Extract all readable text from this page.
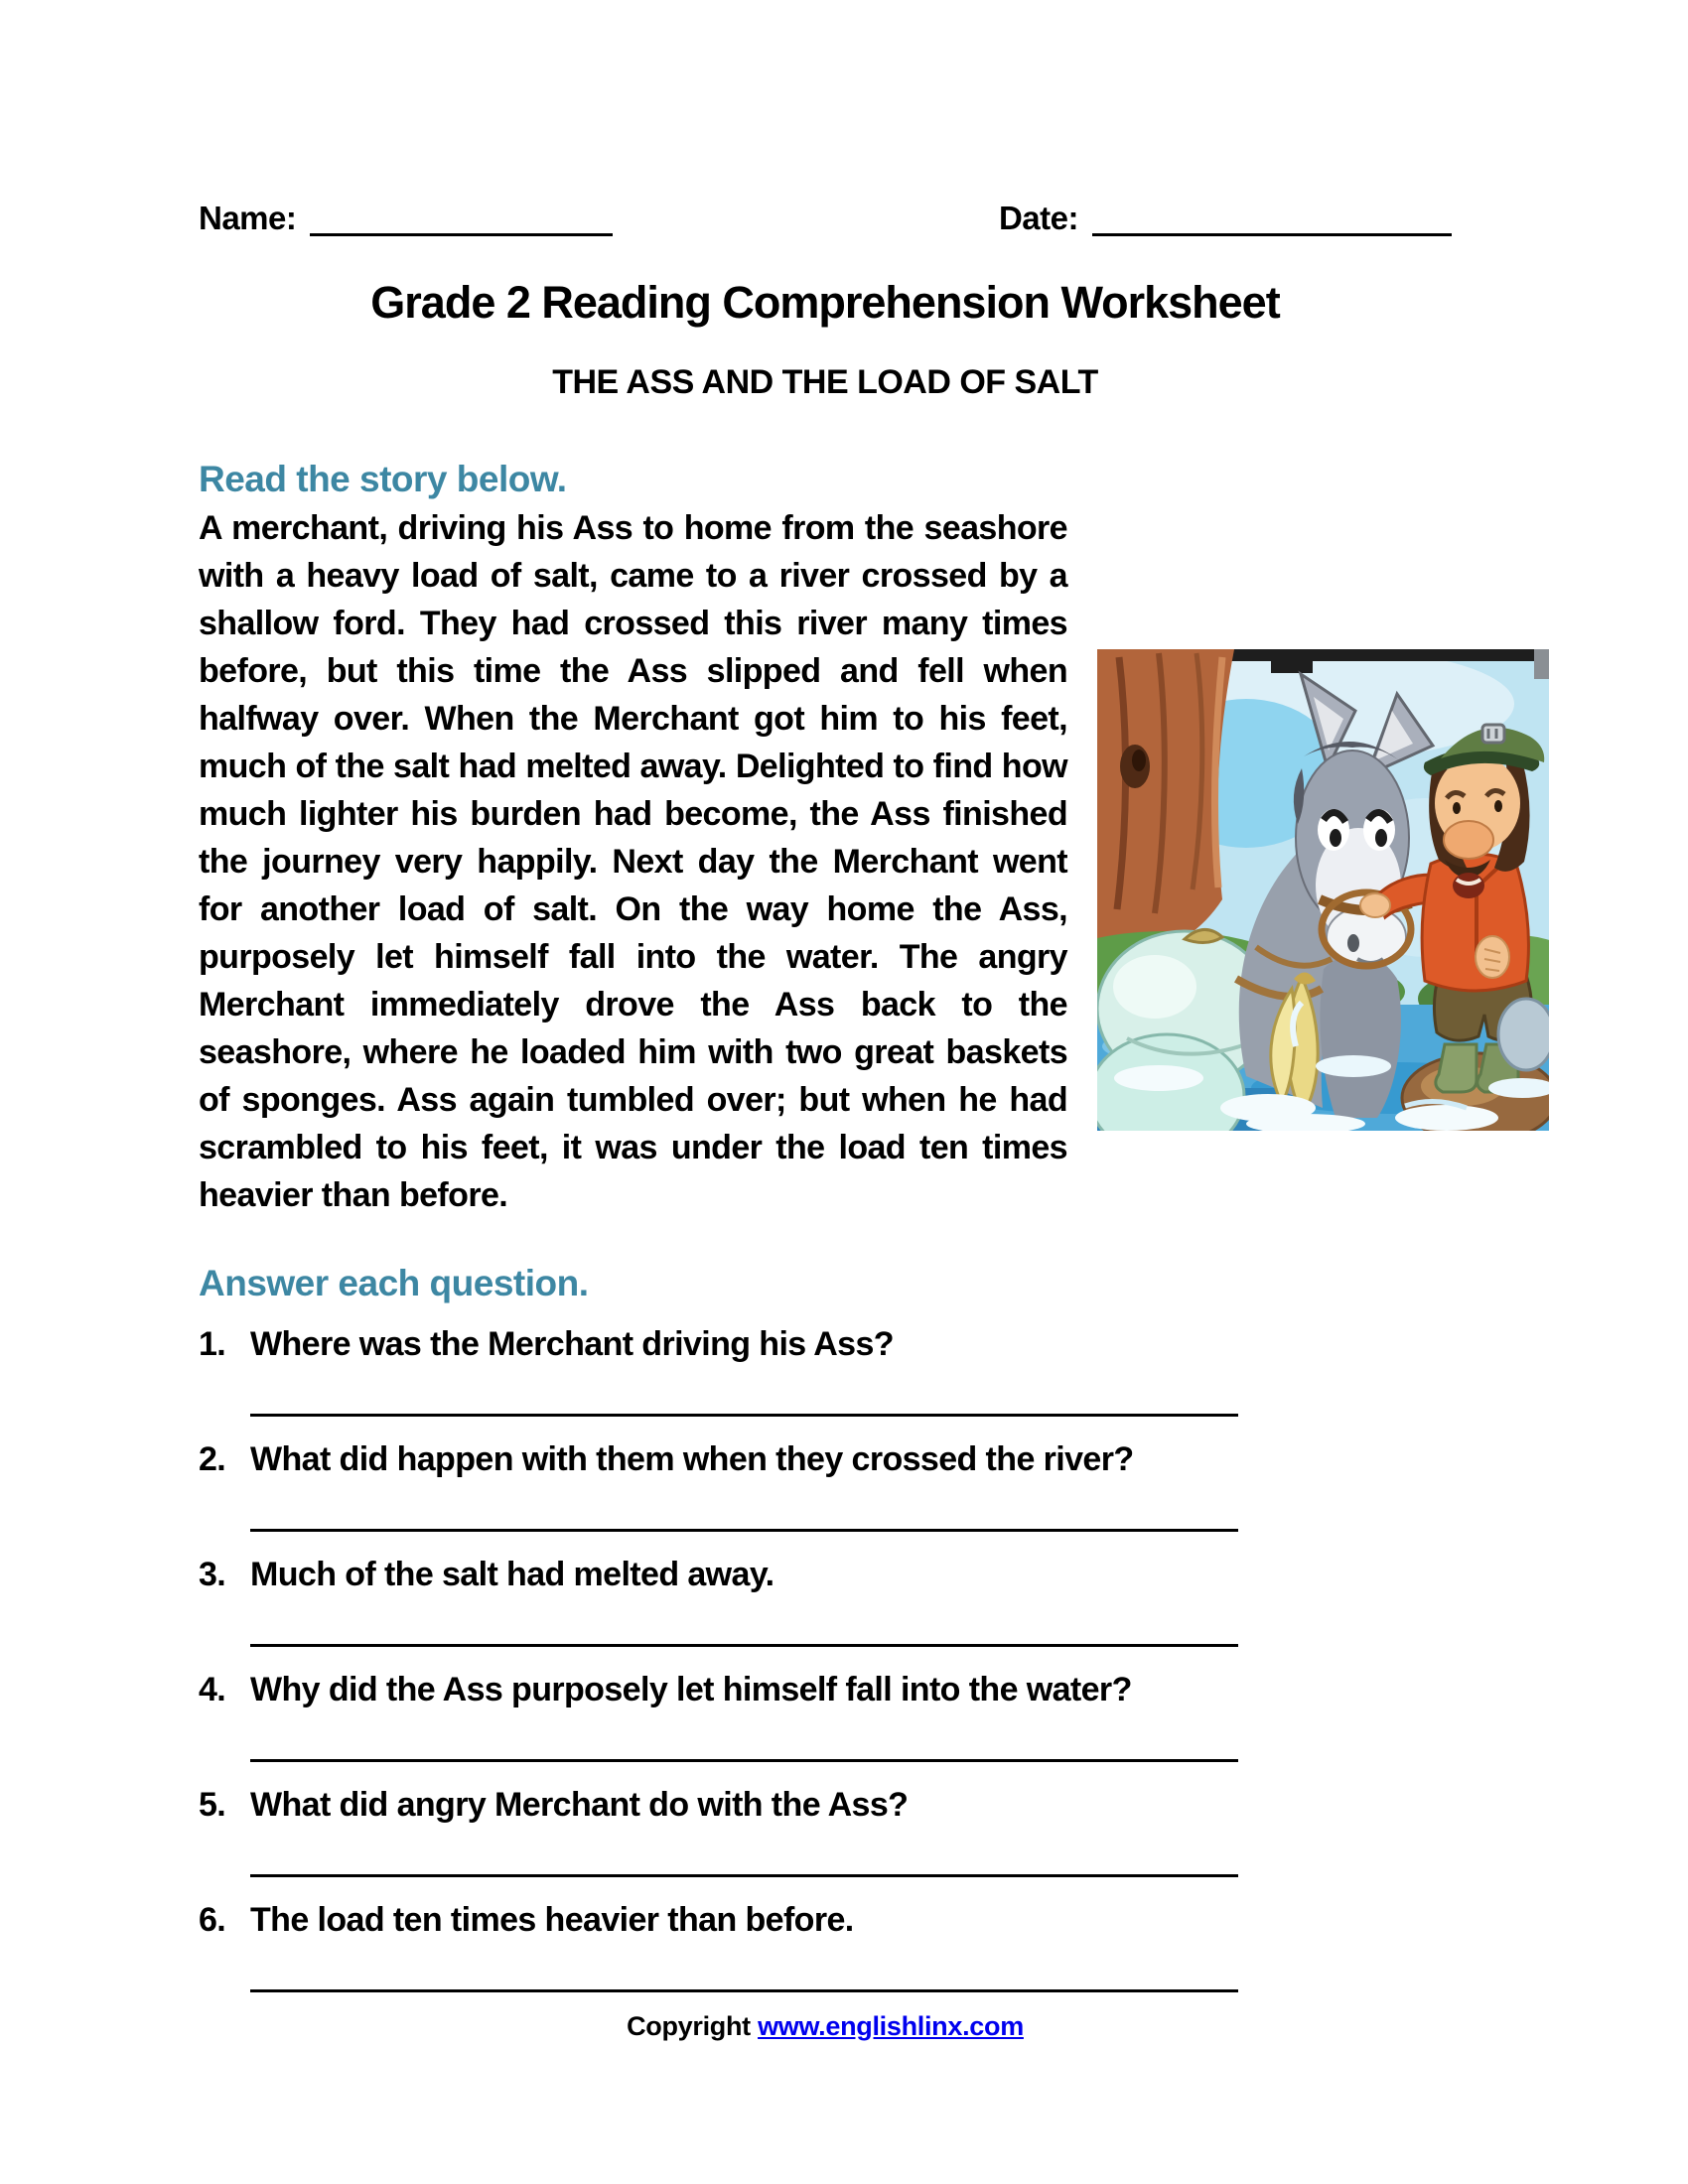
Name:	Date:
Grade 2 Reading Comprehension Worksheet
THE ASS AND THE LOAD OF SALT
Read the story below.

A merchant, driving his Ass to home from the seashore with a heavy load of salt, came to a river crossed by a shallow ford. They had crossed this river many times before, but this time the Ass slipped and fell when halfway over. When the Merchant got him to his feet, much of the salt had melted away. Delighted to find how much lighter his burden had become, the Ass finished the journey very happily. Next day the Merchant went for another load of salt. On the way home the Ass, purposely let himself fall into the water. The angry Merchant immediately drove the Ass back to the seashore, where he loaded him with two great baskets of sponges. Ass again tumbled over; but when he had scrambled to his feet, it was under the load ten times heavier than before.

Answer each question.
1. Where was the Merchant driving his Ass?
2. What did happen with them when they crossed the river?
3. Much of the salt had melted away.
4. Why did the Ass purposely let himself fall into the water?
5. What did angry Merchant do with the Ass?
6. The load ten times heavier than before.
Copyright www.englishlinx.com
